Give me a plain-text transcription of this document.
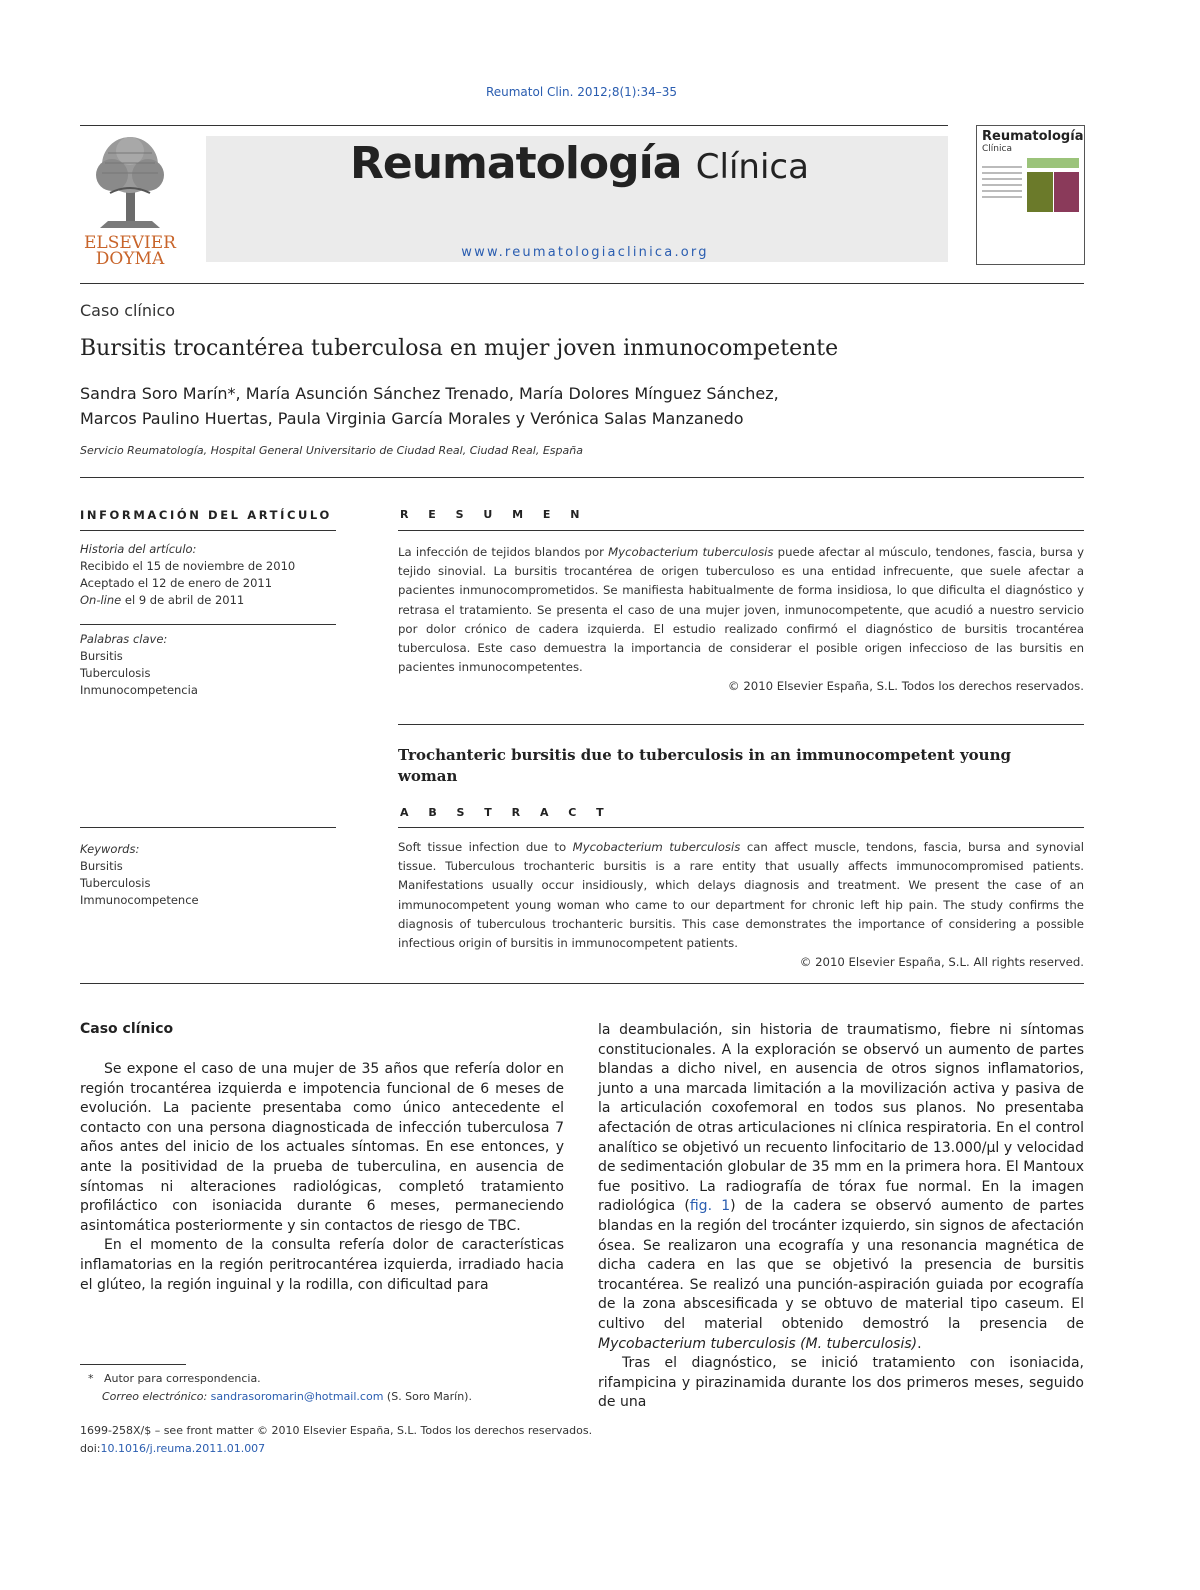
Reumatol Clin. 2012;8(1):34–35
ELSEVIER
DOYMA
Reumatología Clínica
www.reumatologiaclinica.org
Reumatología
Clínica
Caso clínico
Bursitis trocantérea tuberculosa en mujer joven inmunocompetente
Sandra Soro Marín*, María Asunción Sánchez Trenado, María Dolores Mínguez Sánchez,
Marcos Paulino Huertas, Paula Virginia García Morales y Verónica Salas Manzanedo
Servicio Reumatología, Hospital General Universitario de Ciudad Real, Ciudad Real, España
INFORMACIÓN DEL ARTÍCULO
Historia del artículo:
Recibido el 15 de noviembre de 2010
Aceptado el 12 de enero de 2011
On-line el 9 de abril de 2011
Palabras clave:
Bursitis
Tuberculosis
Inmunocompetencia
Keywords:
Bursitis
Tuberculosis
Immunocompetence
R E S U M E N
La infección de tejidos blandos por Mycobacterium tuberculosis puede afectar al músculo, tendones, fascia, bursa y tejido sinovial. La bursitis trocantérea de origen tuberculoso es una entidad infrecuente, que suele afectar a pacientes inmunocomprometidos. Se manifiesta habitualmente de forma insidiosa, lo que dificulta el diagnóstico y retrasa el tratamiento. Se presenta el caso de una mujer joven, inmunocompetente, que acudió a nuestro servicio por dolor crónico de cadera izquierda. El estudio realizado confirmó el diagnóstico de bursitis trocantérea tuberculosa. Este caso demuestra la importancia de considerar el posible origen infeccioso de las bursitis en pacientes inmunocompetentes.
© 2010 Elsevier España, S.L. Todos los derechos reservados.
Trochanteric bursitis due to tuberculosis in an immunocompetent young woman
A B S T R A C T
Soft tissue infection due to Mycobacterium tuberculosis can affect muscle, tendons, fascia, bursa and synovial tissue. Tuberculous trochanteric bursitis is a rare entity that usually affects immunocompromised patients. Manifestations usually occur insidiously, which delays diagnosis and treatment. We present the case of an immunocompetent young woman who came to our department for chronic left hip pain. The study confirms the diagnosis of tuberculous trochanteric bursitis. This case demonstrates the importance of considering a possible infectious origin of bursitis in immunocompetent patients.
© 2010 Elsevier España, S.L. All rights reserved.
Caso clínico

Se expone el caso de una mujer de 35 años que refería dolor en región trocantérea izquierda e impotencia funcional de 6 meses de evolución. La paciente presentaba como único antecedente el contacto con una persona diagnosticada de infección tuberculosa 7 años antes del inicio de los actuales síntomas. En ese entonces, y ante la positividad de la prueba de tuberculina, en ausencia de síntomas ni alteraciones radiológicas, completó tratamiento profiláctico con isoniacida durante 6 meses, permaneciendo asintomática posteriormente y sin contactos de riesgo de TBC.

En el momento de la consulta refería dolor de características inflamatorias en la región peritrocantérea izquierda, irradiado hacia el glúteo, la región inguinal y la rodilla, con dificultad para

la deambulación, sin historia de traumatismo, fiebre ni síntomas constitucionales. A la exploración se observó un aumento de partes blandas a dicho nivel, en ausencia de otros signos inflamatorios, junto a una marcada limitación a la movilización activa y pasiva de la articulación coxofemoral en todos sus planos. No presentaba afectación de otras articulaciones ni clínica respiratoria. En el control analítico se objetivó un recuento linfocitario de 13.000/μl y velocidad de sedimentación globular de 35 mm en la primera hora. El Mantoux fue positivo. La radiografía de tórax fue normal. En la imagen radiológica (fig. 1) de la cadera se observó aumento de partes blandas en la región del trocánter izquierdo, sin signos de afectación ósea. Se realizaron una ecografía y una resonancia magnética de dicha cadera en las que se objetivó la presencia de bursitis trocantérea. Se realizó una punción-aspiración guiada por ecografía de la zona abscesificada y se obtuvo de material tipo caseum. El cultivo del material obtenido demostró la presencia de Mycobacterium tuberculosis (M. tuberculosis).

Tras el diagnóstico, se inició tratamiento con isoniacida, rifampicina y pirazinamida durante los dos primeros meses, seguido de una

* Autor para correspondencia.
Correo electrónico: sandrasoromarin@hotmail.com (S. Soro Marín).
1699-258X/$ – see front matter © 2010 Elsevier España, S.L. Todos los derechos reservados.
doi:10.1016/j.reuma.2011.01.007
